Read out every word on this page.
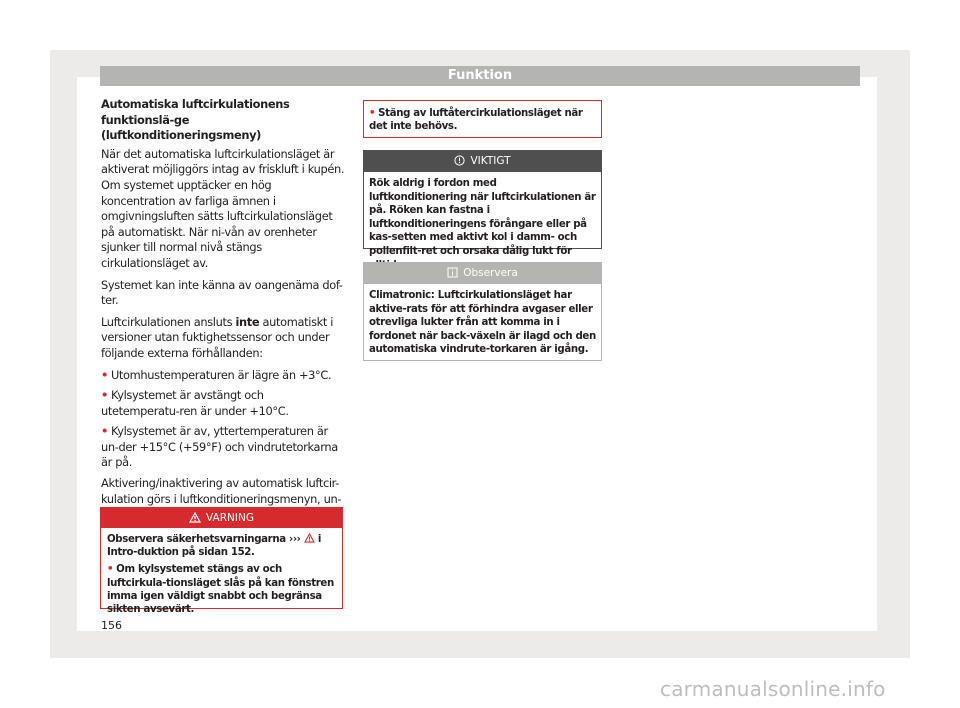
Funktion

Automatiska luftcirkulationens funktionslä-ge (luftkonditioneringsmeny)

När det automatiska luftcirkulationsläget är aktiverat möjliggörs intag av friskluft i kupén. Om systemet upptäcker en hög koncentration av farliga ämnen i omgivningsluften sätts luftcirkulationsläget på automatiskt. När ni-vån av orenheter sjunker till normal nivå stängs cirkulationsläget av.

Systemet kan inte känna av oangenäma dof-ter.

Luftcirkulationen ansluts inte automatiskt i versioner utan fuktighetssensor och under följande externa förhållanden:

• Utomhustemperaturen är lägre än +3°C.
• Kylsystemet är avstängt och utetemperatu-ren är under +10°C.
• Kylsystemet är av, yttertemperaturen är un-der +15°C (+59°F) och vindrutetorkarna är på.

Aktivering/inaktivering av automatisk luftcir-kulation görs i luftkonditioneringsmenyn, un-

VARNING

Observera säkerhetsvarningarna ›››  i Intro-duktion på sidan 152.

• Om kylsystemet stängs av och luftcirkula-tionsläget slås på kan fönstren imma igen väldigt snabbt och begränsa sikten avsevärt.

• Stäng av luftåtercirkulationsläget när det inte behövs.
VIKTIGT
Rök aldrig i fordon med luftkonditionering när luftcirkulationen är på. Röken kan fastna i luftkonditioneringens förångare eller på kas-setten med aktivt kol i damm- och pollenfilt-ret och orsaka dålig lukt för
Observera
Climatronic: Luftcirkulationsläget har aktive-rats för att förhindra avgaser eller otrevliga lukter från att komma in i fordonet när back-växeln är ilagd och den automatiska vindrute-torkaren är igång.
156
carmanualsonline.info
